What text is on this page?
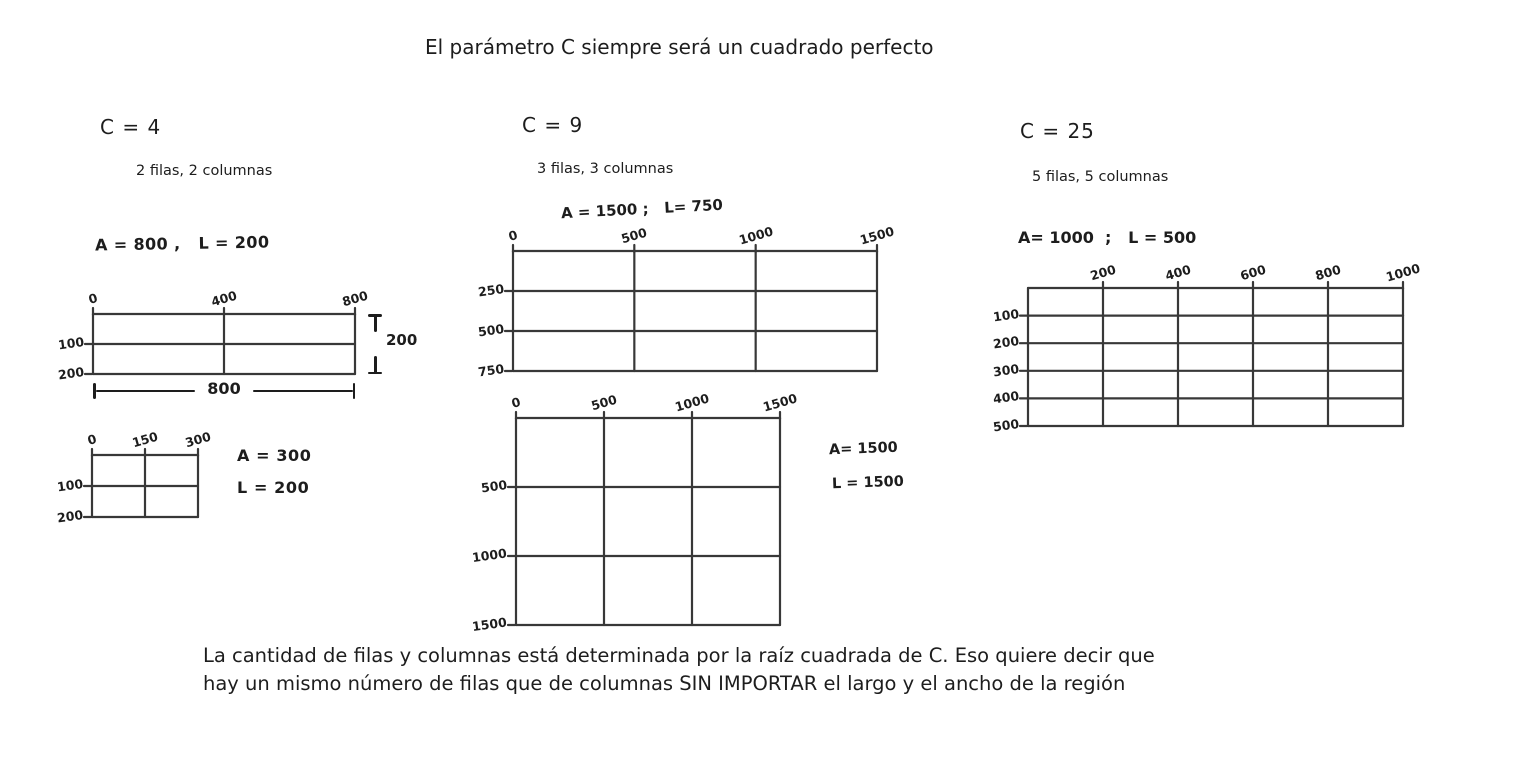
El parámetro C siempre será un cuadrado perfecto
C = 4
2 filas, 2 columnas
A = 800 ,   L = 200
200
800
0	400	800
100
200
0	150 300
100
200
A = 300
L = 200
C = 9
3 filas, 3 columnas
A = 1500 ;   L= 750
0	500	1000	1500
250
500
750
0	500	1000	1500
500
1000
1500
A= 1500
L = 1500
C = 25
5 filas, 5 columnas
A= 1000  ;   L = 500
200	400	600	800	1000
100
200
300
400
500
La cantidad de filas y columnas está determinada por la raíz cuadrada de C. Eso quiere decir que
hay un mismo número de filas que de columnas SIN IMPORTAR el largo y el ancho de la región
